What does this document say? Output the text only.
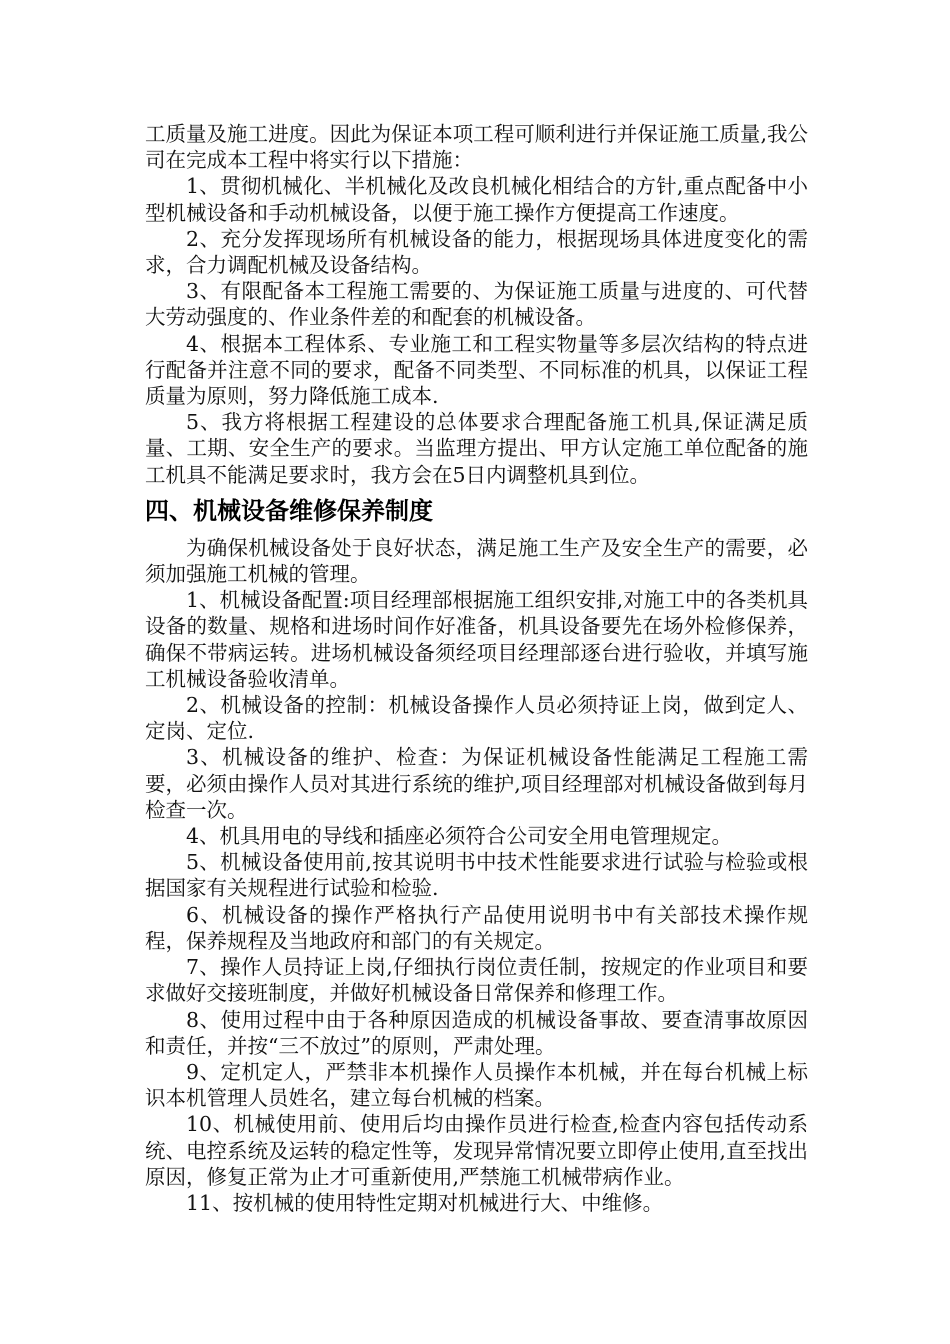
工质量及施工进度。因此为保证本项工程可顺利进行并保证施工质量,我公司在完成本工程中将实行以下措施：

1、贯彻机械化、半机械化及改良机械化相结合的方针,重点配备中小型机械设备和手动机械设备，以便于施工操作方便提高工作速度。

2、充分发挥现场所有机械设备的能力，根据现场具体进度变化的需求，合力调配机械及设备结构。

3、有限配备本工程施工需要的、为保证施工质量与进度的、可代替大劳动强度的、作业条件差的和配套的机械设备。

4、根据本工程体系、专业施工和工程实物量等多层次结构的特点进行配备并注意不同的要求，配备不同类型、不同标准的机具，以保证工程质量为原则，努力降低施工成本.

5、我方将根据工程建设的总体要求合理配备施工机具,保证满足质量、工期、安全生产的要求。当监理方提出、甲方认定施工单位配备的施工机具不能满足要求时，我方会在5日内调整机具到位。

四、机械设备维修保养制度

为确保机械设备处于良好状态，满足施工生产及安全生产的需要，必须加强施工机械的管理。

1、机械设备配置:项目经理部根据施工组织安排,对施工中的各类机具设备的数量、规格和进场时间作好准备，机具设备要先在场外检修保养，确保不带病运转。进场机械设备须经项目经理部逐台进行验收，并填写施工机械设备验收清单。

2、机械设备的控制：机械设备操作人员必须持证上岗，做到定人、定岗、定位.

3、机械设备的维护、检查：为保证机械设备性能满足工程施工需要，必须由操作人员对其进行系统的维护,项目经理部对机械设备做到每月检查一次。

4、机具用电的导线和插座必须符合公司安全用电管理规定。

5、机械设备使用前,按其说明书中技术性能要求进行试验与检验或根据国家有关规程进行试验和检验.

6、机械设备的操作严格执行产品使用说明书中有关部技术操作规程，保养规程及当地政府和部门的有关规定。

7、操作人员持证上岗,仔细执行岗位责任制，按规定的作业项目和要求做好交接班制度，并做好机械设备日常保养和修理工作。

8、使用过程中由于各种原因造成的机械设备事故、要查清事故原因和责任，并按“三不放过”的原则，严肃处理。

9、定机定人，严禁非本机操作人员操作本机械，并在每台机械上标识本机管理人员姓名，建立每台机械的档案。

10、机械使用前、使用后均由操作员进行检查,检查内容包括传动系统、电控系统及运转的稳定性等，发现异常情况要立即停止使用,直至找出原因，修复正常为止才可重新使用,严禁施工机械带病作业。

11、按机械的使用特性定期对机械进行大、中维修。
